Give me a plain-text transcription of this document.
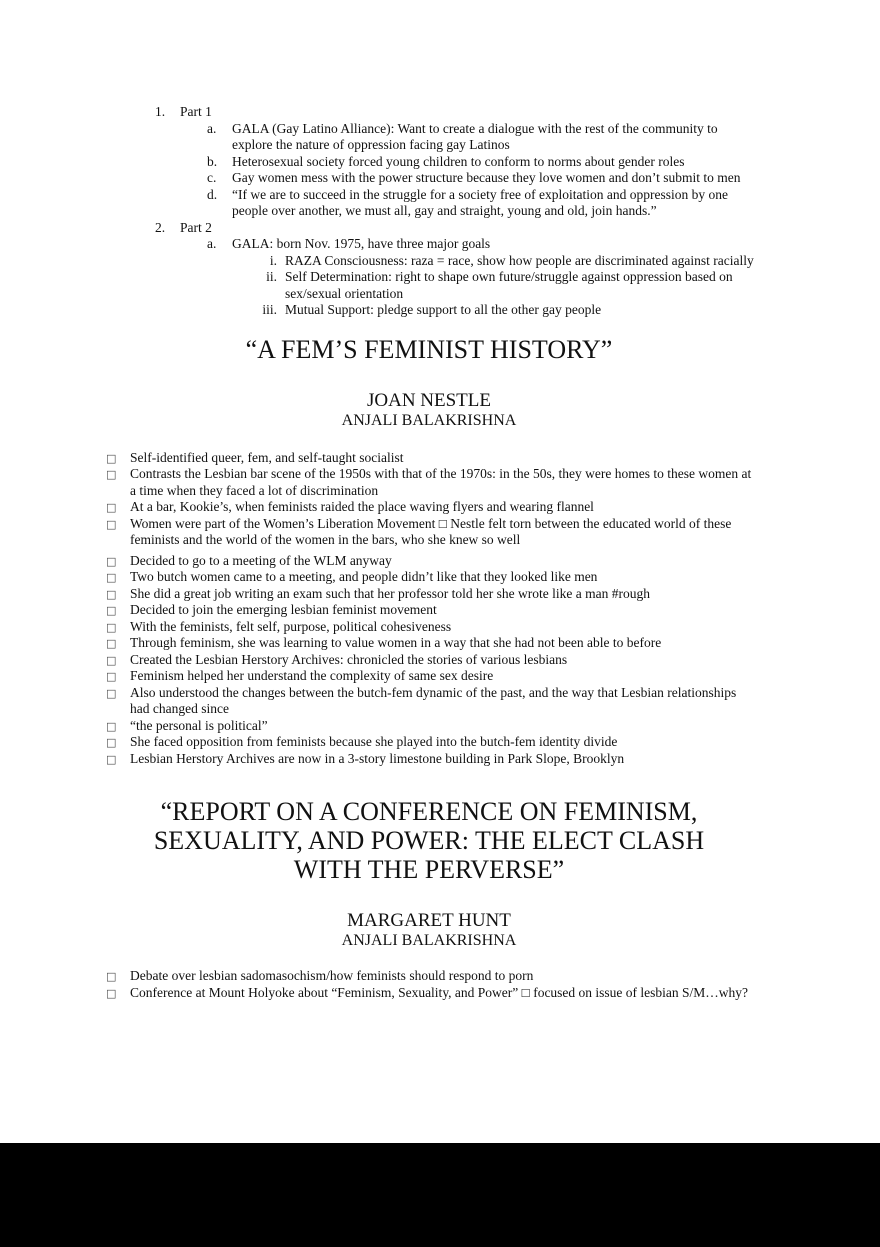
1.	Part 1
a.	GALA (Gay Latino Alliance): Want to create a dialogue with the rest of the community to explore the nature of oppression facing gay Latinos
b.	Heterosexual society forced young children to conform to norms about gender roles
c.	Gay women mess with the power structure because they love women and don’t submit to men
d.	“If we are to succeed in the struggle for a society free of exploitation and oppression by one people over another, we must all, gay and straight, young and old, join hands.”
2.	Part 2
a.	GALA: born Nov. 1975, have three major goals
i. RAZA Consciousness: raza = race, show how people are discriminated against racially
ii. Self Determination: right to shape own future/struggle against oppression based on sex/sexual orientation
iii. Mutual Support: pledge support to all the other gay people
“A FEM’S FEMINIST HISTORY”
JOAN NESTLE
ANJALI BALAKRISHNA
□ Self-identified queer, fem, and self-taught socialist
□ Contrasts the Lesbian bar scene of the 1950s with that of the 1970s: in the 50s, they were homes to these women at a time when they faced a lot of discrimination
□ At a bar, Kookie’s, when feminists raided the place waving flyers and wearing flannel
□ Women were part of the Women’s Liberation Movement □ Nestle felt torn between the educated world of these feminists and the world of the women in the bars, who she knew so well
□ Decided to go to a meeting of the WLM anyway
□ Two butch women came to a meeting, and people didn’t like that they looked like men
□ She did a great job writing an exam such that her professor told her she wrote like a man #rough
□ Decided to join the emerging lesbian feminist movement
□ With the feminists, felt self, purpose, political cohesiveness
□ Through feminism, she was learning to value women in a way that she had not been able to before
□ Created the Lesbian Herstory Archives: chronicled the stories of various lesbians
□ Feminism helped her understand the complexity of same sex desire
□ Also understood the changes between the butch-fem dynamic of the past, and the way that Lesbian relationships had changed since
□ “the personal is political”
□ She faced opposition from feminists because she played into the butch-fem identity divide
□ Lesbian Herstory Archives are now in a 3-story limestone building in Park Slope, Brooklyn
“REPORT ON A CONFERENCE ON FEMINISM,
SEXUALITY, AND POWER: THE ELECT CLASH
WITH THE PERVERSE”
MARGARET HUNT
ANJALI BALAKRISHNA
□ Debate over lesbian sadomasochism/how feminists should respond to porn
□ Conference at Mount Holyoke about “Feminism, Sexuality, and Power” □ focused on issue of lesbian S/M…why?
